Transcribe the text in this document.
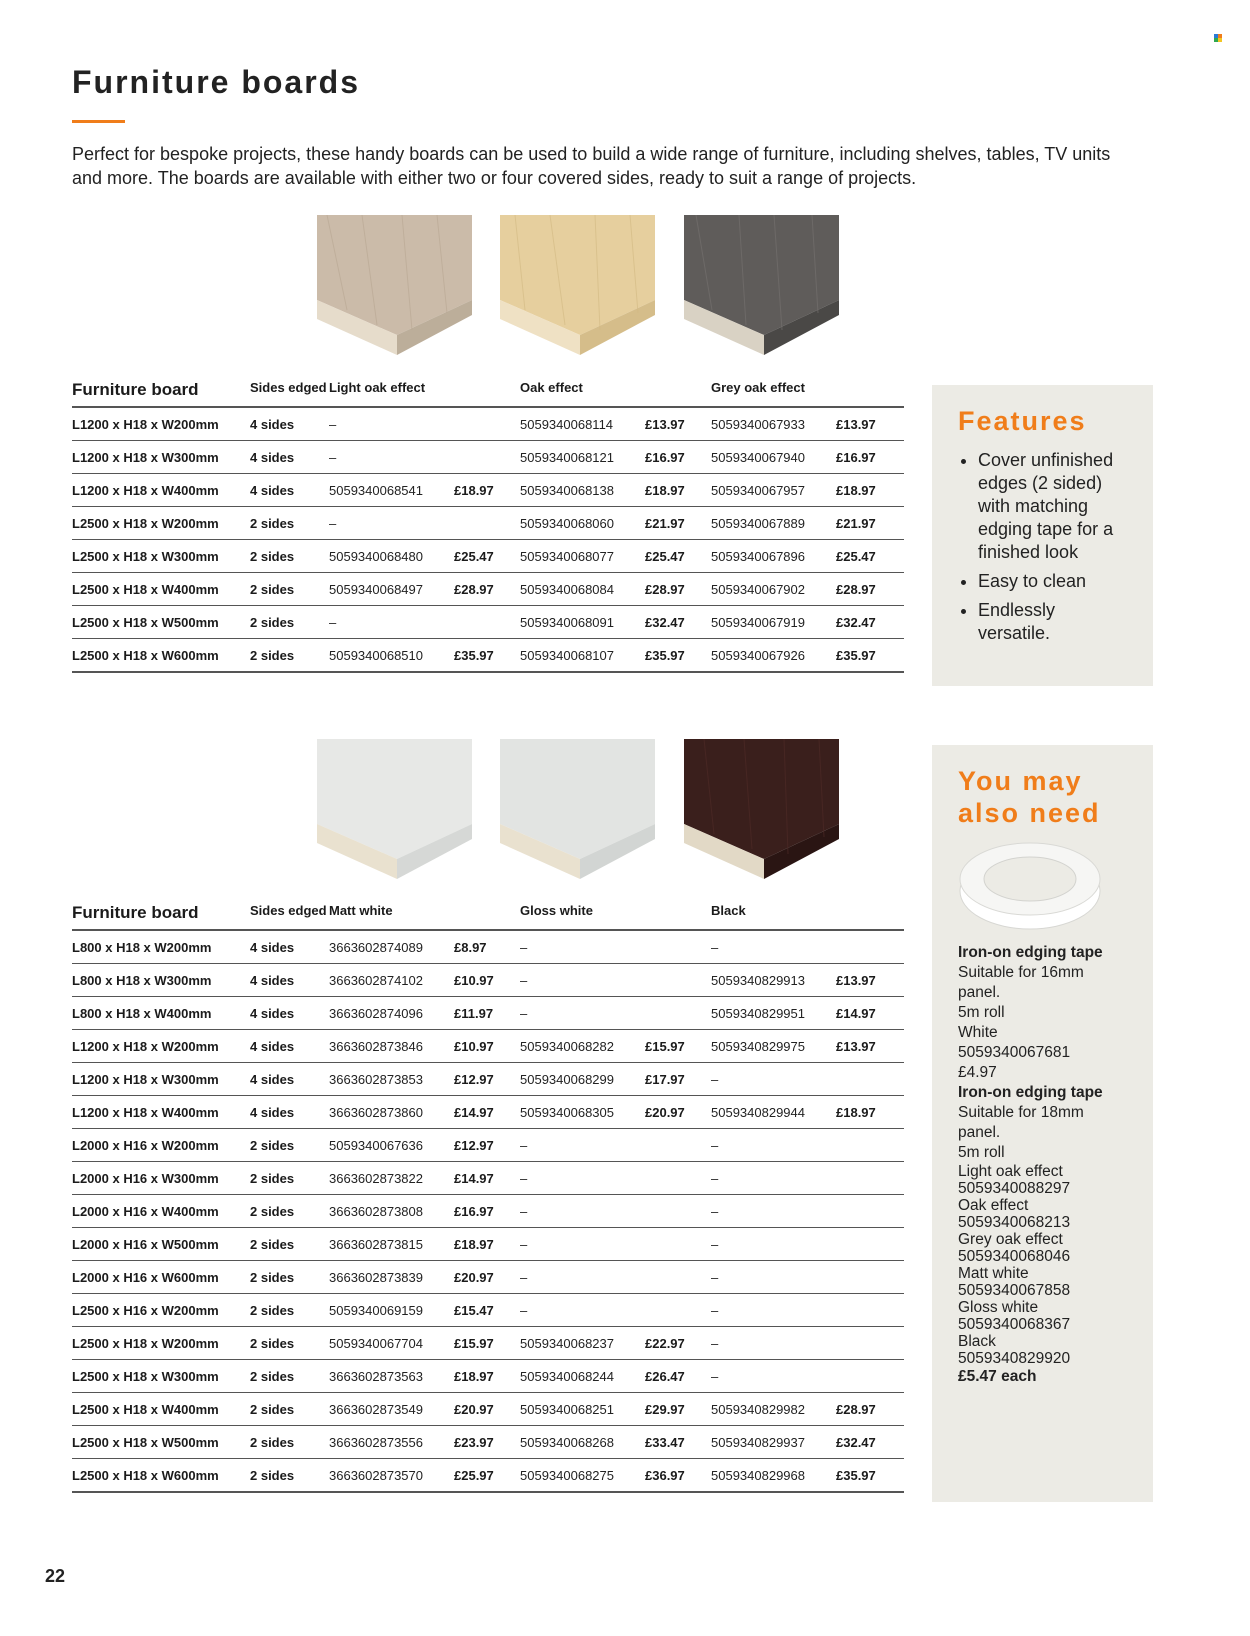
Furniture boards
Perfect for bespoke projects, these handy boards can be used to build a wide range of furniture, including shelves, tables, TV units and more. The boards are available with either two or four covered sides, ready to suit a range of projects.
Furniture board	Sides edged	Light oak effect		Oak effect		Grey oak effect	
L1200 x H18 x W200mm	4 sides	–		5059340068114	£13.97	5059340067933	£13.97
L1200 x H18 x W300mm	4 sides	–		5059340068121	£16.97	5059340067940	£16.97
L1200 x H18 x W400mm	4 sides	5059340068541	£18.97	5059340068138	£18.97	5059340067957	£18.97
L2500 x H18 x W200mm	2 sides	–		5059340068060	£21.97	5059340067889	£21.97
L2500 x H18 x W300mm	2 sides	5059340068480	£25.47	5059340068077	£25.47	5059340067896	£25.47
L2500 x H18 x W400mm	2 sides	5059340068497	£28.97	5059340068084	£28.97	5059340067902	£28.97
L2500 x H18 x W500mm	2 sides	–		5059340068091	£32.47	5059340067919	£32.47
L2500 x H18 x W600mm	2 sides	5059340068510	£35.97	5059340068107	£35.97	5059340067926	£35.97
Features
• Cover unfinished edges (2 sided) with matching edging tape for a finished look
• Easy to clean
• Endlessly versatile.
Furniture board	Sides edged	Matt white		Gloss white		Black	
L800 x H18 x W200mm	4 sides	3663602874089	£8.97	–		–	
L800 x H18 x W300mm	4 sides	3663602874102	£10.97	–		5059340829913	£13.97
L800 x H18 x W400mm	4 sides	3663602874096	£11.97	–		5059340829951	£14.97
L1200 x H18 x W200mm	4 sides	3663602873846	£10.97	5059340068282	£15.97	5059340829975	£13.97
L1200 x H18 x W300mm	4 sides	3663602873853	£12.97	5059340068299	£17.97	–	
L1200 x H18 x W400mm	4 sides	3663602873860	£14.97	5059340068305	£20.97	5059340829944	£18.97
L2000 x H16 x W200mm	2 sides	5059340067636	£12.97	–		–	
L2000 x H16 x W300mm	2 sides	3663602873822	£14.97	–		–	
L2000 x H16 x W400mm	2 sides	3663602873808	£16.97	–		–	
L2000 x H16 x W500mm	2 sides	3663602873815	£18.97	–		–	
L2000 x H16 x W600mm	2 sides	3663602873839	£20.97	–		–	
L2500 x H16 x W200mm	2 sides	5059340069159	£15.47	–		–	
L2500 x H18 x W200mm	2 sides	5059340067704	£15.97	5059340068237	£22.97	–	
L2500 x H18 x W300mm	2 sides	3663602873563	£18.97	5059340068244	£26.47	–	
L2500 x H18 x W400mm	2 sides	3663602873549	£20.97	5059340068251	£29.97	5059340829982	£28.97
L2500 x H18 x W500mm	2 sides	3663602873556	£23.97	5059340068268	£33.47	5059340829937	£32.47
L2500 x H18 x W600mm	2 sides	3663602873570	£25.97	5059340068275	£36.97	5059340829968	£35.97
You may
also need
Iron-on edging tape
Suitable for 16mm panel.
5m roll
White
5059340067681
£4.97
Iron-on edging tape
Suitable for 18mm panel.
5m roll
Light oak effect
5059340088297
Oak effect
5059340068213
Grey oak effect
5059340068046
Matt white
5059340067858
Gloss white
5059340068367
Black
5059340829920
£5.47 each
22
